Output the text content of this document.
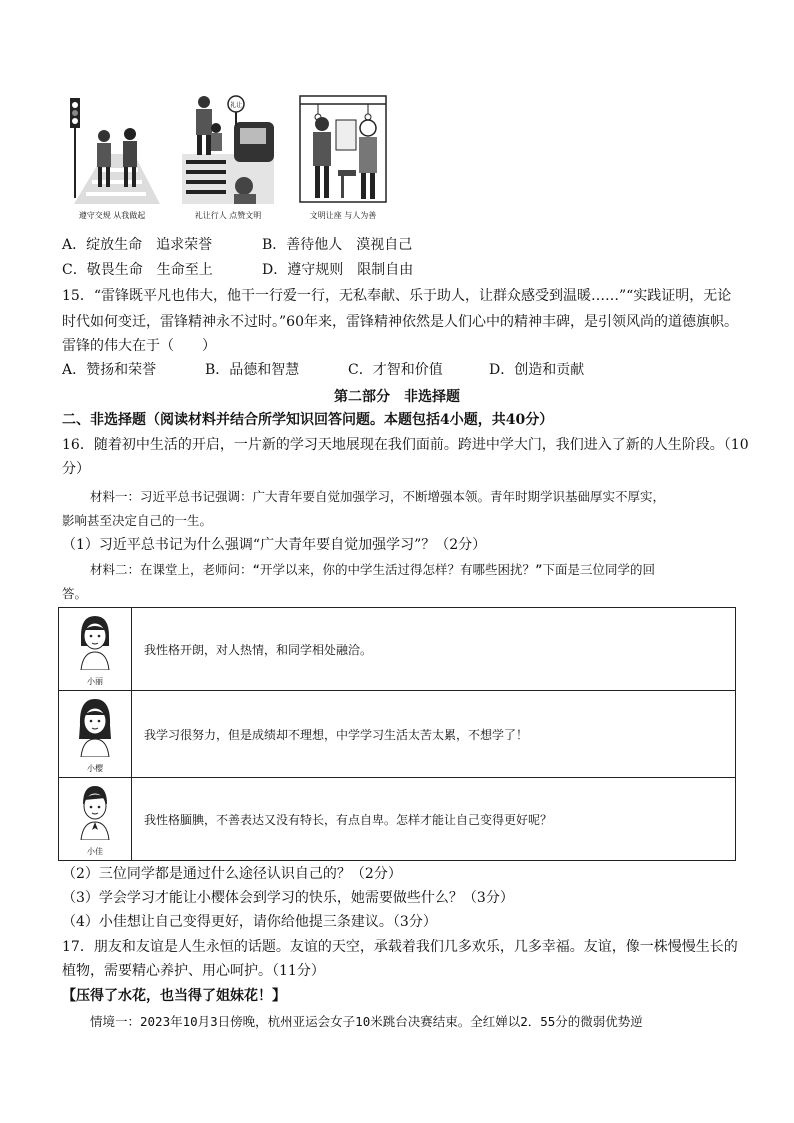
遵守交规 从我做起
礼让
礼让行人 点赞文明	文明让座 与人为善
A．绽放生命　追求荣誉	B．善待他人　漠视自己
C．敬畏生命　生命至上	D．遵守规则　限制自由
15．“雷锋既平凡也伟大，他干一行爱一行，无私奉献、乐于助人，让群众感受到温暖……”“实践证明，无论
时代如何变迁，雷锋精神永不过时。”60年来，雷锋精神依然是人们心中的精神丰碑，是引领风尚的道德旗帜。
雷锋的伟大在于（　　）
A．赞扬和荣誉	B．品德和智慧	C．才智和价值	D．创造和贡献
第二部分　非选择题
二、非选择题（阅读材料并结合所学知识回答问题。本题包括4小题，共40分）
16．随着初中生活的开启，一片新的学习天地展现在我们面前。跨进中学大门，我们进入了新的人生阶段。（10
分）
材料一：习近平总书记强调：广大青年要自觉加强学习，不断增强本领。青年时期学识基础厚实不厚实，
影响甚至决定自己的一生。
（1）习近平总书记为什么强调“广大青年要自觉加强学习”？（2分）
材料二：在课堂上，老师问：“开学以来，你的中学生活过得怎样？有哪些困扰？”下面是三位同学的回
答。
小丽	我性格开朗，对人热情，和同学相处融洽。

小樱	我学习很努力，但是成绩却不理想，中学学习生活太苦太累，不想学了！

小佳	我性格腼腆，不善表达又没有特长，有点自卑。怎样才能让自己变得更好呢？
（2）三位同学都是通过什么途径认识自己的？（2分）
（3）学会学习才能让小樱体会到学习的快乐，她需要做些什么？（3分）
（4）小佳想让自己变得更好，请你给他提三条建议。（3分）
17．朋友和友谊是人生永恒的话题。友谊的天空，承载着我们几多欢乐，几多幸福。友谊，像一株慢慢生长的
植物，需要精心养护、用心呵护。（11分）
【压得了水花，也当得了姐妹花！】
情境一：2023年10月3日傍晚，杭州亚运会女子10米跳台决赛结束。全红婵以2．55分的微弱优势逆
